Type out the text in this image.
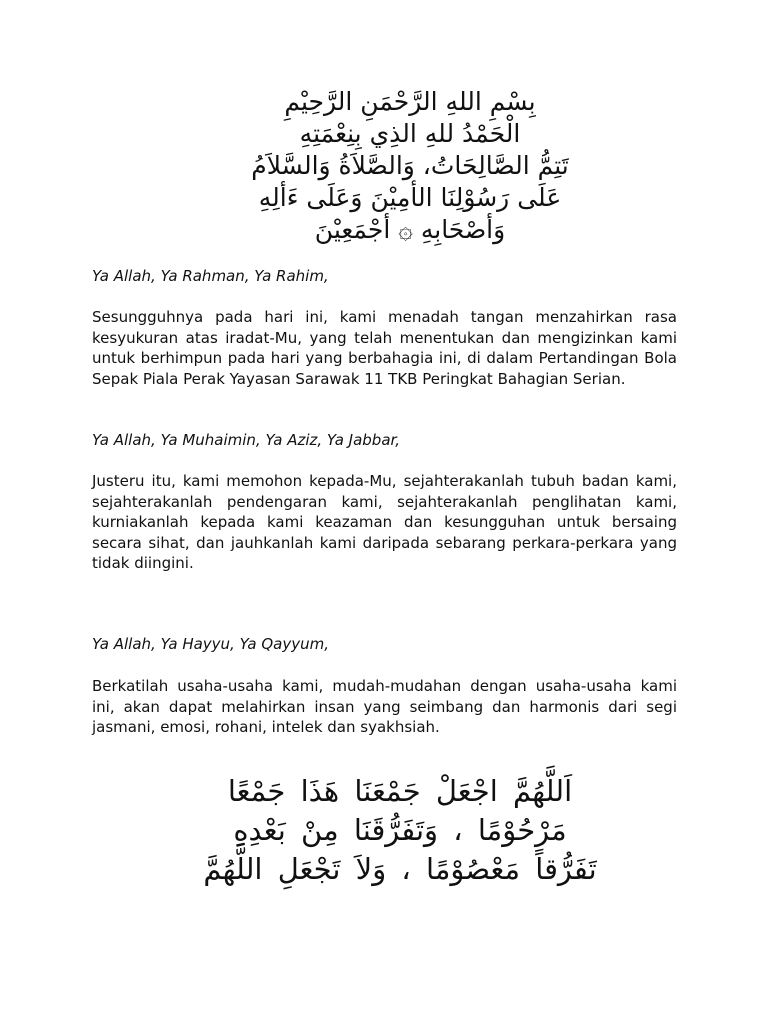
بِسْمِ اللهِ الرَّحْمَنِ الرَّحِيْمِ
الْحَمْدُ للهِ الذِي بِنِعْمَتِهِ
تَتِمُّ الصَّالِحَاتُ، وَالصَّلاَةُ وَالسَّلاَمُ
عَلَى رَسُوْلِنَا الأمِيْنَ وَعَلَى ءَألِهِ
وَأصْحَابِهِ ۞ أجْمَعِيْنَ
Ya Allah, Ya Rahman, Ya Rahim,
Sesungguhnya pada hari ini, kami menadah tangan menzahirkan rasa kesyukuran atas iradat-Mu, yang telah menentukan dan mengizinkan kami untuk berhimpun pada hari yang berbahagia ini, di dalam Pertandingan Bola Sepak Piala Perak Yayasan Sarawak 11 TKB Peringkat Bahagian Serian.
Ya Allah, Ya Muhaimin, Ya Aziz, Ya Jabbar,
Justeru itu, kami memohon kepada-Mu, sejahterakanlah tubuh badan kami, sejahterakanlah pendengaran kami, sejahterakanlah penglihatan kami, kurniakanlah kepada kami keazaman dan kesungguhan untuk bersaing secara sihat, dan jauhkanlah kami daripada sebarang perkara-perkara yang tidak diingini.
Ya Allah, Ya Hayyu, Ya Qayyum,
Berkatilah usaha-usaha kami, mudah-mudahan dengan usaha-usaha kami ini, akan dapat melahirkan insan yang seimbang dan harmonis dari segi jasmani, emosi, rohani, intelek dan syakhsiah.
اَللَّهُمَّ اجْعَلْ جَمْعَنَا هَذَا جَمْعًا
مَرْحُوْمًا ، وَتَفَرُّقَنَا مِنْ بَعْدِهِ
تَفَرُّقاً مَعْصُوْمًا ، وَلاَ تَجْعَلِ اللَّهُمَّ
